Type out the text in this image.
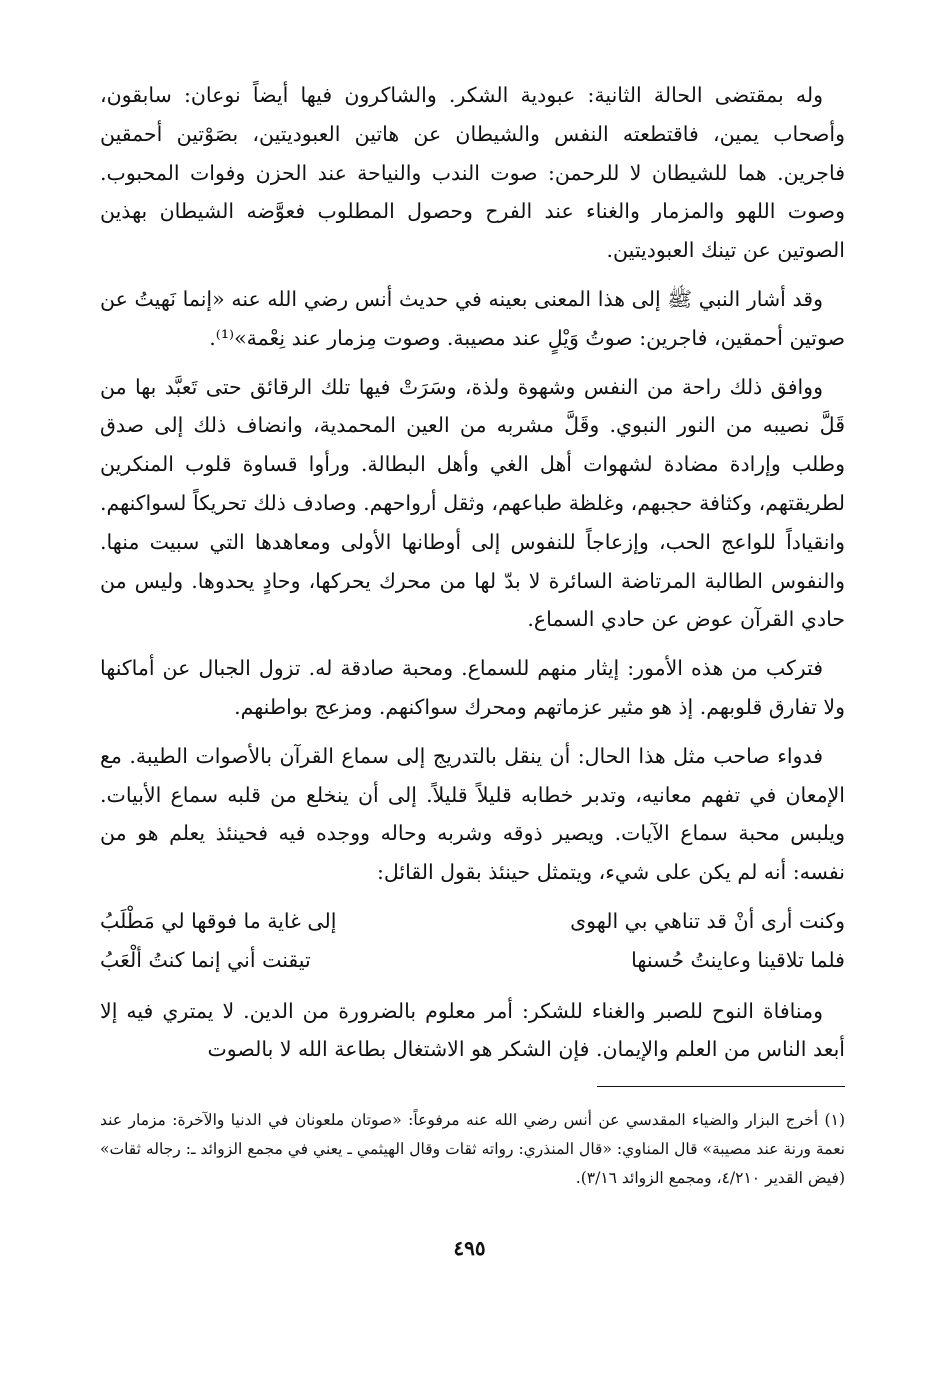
وله بمقتضى الحالة الثانية: عبودية الشكر. والشاكرون فيها أيضاً نوعان: سابقون، وأصحاب يمين، فاقتطعته النفس والشيطان عن هاتين العبوديتين، بصَوْتين أحمقين فاجرين. هما للشيطان لا للرحمن: صوت الندب والنياحة عند الحزن وفوات المحبوب. وصوت اللهو والمزمار والغناء عند الفرح وحصول المطلوب فعوَّضه الشيطان بهذين الصوتين عن تينك العبوديتين.

وقد أشار النبي ﷺ إلى هذا المعنى بعينه في حديث أنس رضي الله عنه «إنما نَهيتُ عن صوتين أحمقين، فاجرين: صوتُ وَيْلٍ عند مصيبة. وصوت مِزمار عند نِعْمة»⁽¹⁾.

ووافق ذلك راحة من النفس وشهوة ولذة، وسَرَتْ فيها تلك الرقائق حتى تَعبَّد بها من قَلَّ نصيبه من النور النبوي. وقَلَّ مشربه من العين المحمدية، وانضاف ذلك إلى صدق وطلب وإرادة مضادة لشهوات أهل الغي وأهل البطالة. ورأوا قساوة قلوب المنكرين لطريقتهم، وكثافة حجبهم، وغلظة طباعهم، وثقل أرواحهم. وصادف ذلك تحريكاً لسواكنهم. وانقياداً للواعج الحب، وإزعاجاً للنفوس إلى أوطانها الأولى ومعاهدها التي سبيت منها. والنفوس الطالبة المرتاضة السائرة لا بدّ لها من محرك يحركها، وحادٍ يحدوها. وليس من حادي القرآن عوض عن حادي السماع.

فتركب من هذه الأمور: إيثار منهم للسماع. ومحبة صادقة له. تزول الجبال عن أماكنها ولا تفارق قلوبهم. إذ هو مثير عزماتهم ومحرك سواكنهم. ومزعج بواطنهم.

فدواء صاحب مثل هذا الحال: أن ينقل بالتدريج إلى سماع القرآن بالأصوات الطيبة. مع الإمعان في تفهم معانيه، وتدبر خطابه قليلاً قليلاً. إلى أن ينخلع من قلبه سماع الأبيات. ويلبس محبة سماع الآيات. ويصير ذوقه وشربه وحاله ووجده فيه فحينئذ يعلم هو من نفسه: أنه لم يكن على شيء، ويتمثل حينئذ بقول القائل:

وكنت أرى أنْ قد تناهي بي الهوى
إلى غاية ما فوقها لي مَطْلَبُ
فلما تلاقينا وعاينتُ حُسنها
تيقنت أني إنما كنتُ ألْعَبُ

ومنافاة النوح للصبر والغناء للشكر: أمر معلوم بالضرورة من الدين. لا يمتري فيه إلا أبعد الناس من العلم والإيمان. فإن الشكر هو الاشتغال بطاعة الله لا بالصوت

(١) أخرج البزار والضياء المقدسي عن أنس رضي الله عنه مرفوعاً: «صوتان ملعونان في الدنيا والآخرة: مزمار عند نعمة ورنة عند مصيبة» قال المناوي: «قال المنذري: رواته ثقات وقال الهيثمي ـ يعني في مجمع الزوائد ـ: رجاله ثقات» (فيض القدير ٤/٢١٠، ومجمع الزوائد ٣/١٦).

٤٩٥
